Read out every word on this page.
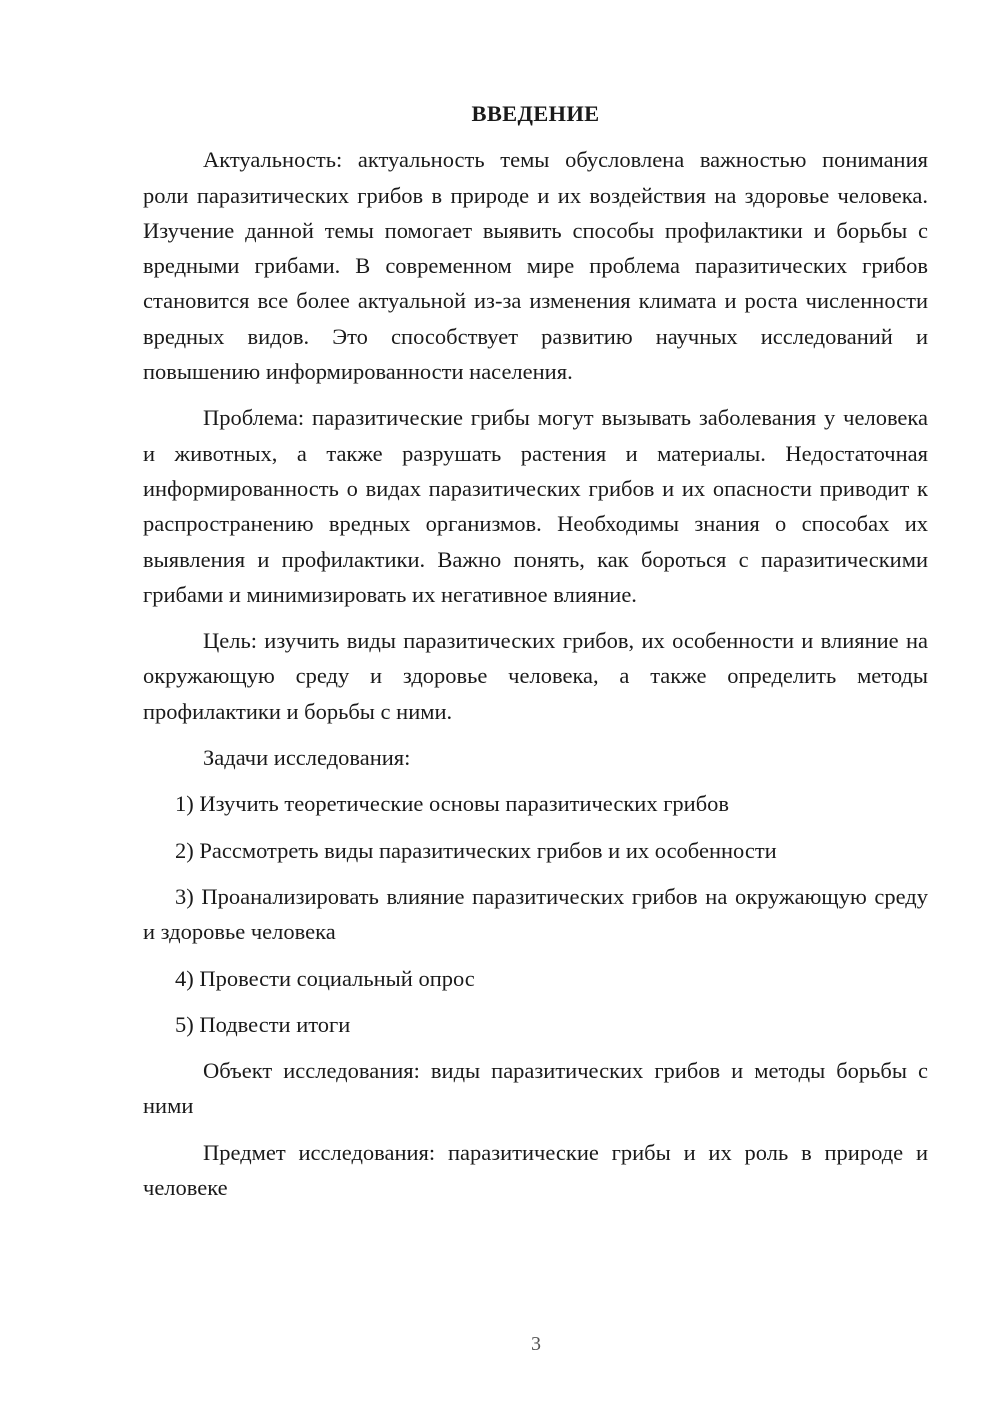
ВВЕДЕНИЕ

Актуальность: актуальность темы обусловлена важностью понимания роли паразитических грибов в природе и их воздействия на здоровье человека. Изучение данной темы помогает выявить способы профилактики и борьбы с вредными грибами. В современном мире проблема паразитических грибов становится все более актуальной из-за изменения климата и роста численности вредных видов. Это способствует развитию научных исследований и повышению информированности населения.

Проблема: паразитические грибы могут вызывать заболевания у человека и животных, а также разрушать растения и материалы. Недостаточная информированность о видах паразитических грибов и их опасности приводит к распространению вредных организмов. Необходимы знания о способах их выявления и профилактики. Важно понять, как бороться с паразитическими грибами и минимизировать их негативное влияние.

Цель: изучить виды паразитических грибов, их особенности и влияние на окружающую среду и здоровье человека, а также определить методы профилактики и борьбы с ними.

Задачи исследования:

1) Изучить теоретические основы паразитических грибов

2) Рассмотреть виды паразитических грибов и их особенности

3) Проанализировать влияние паразитических грибов на окружающую среду и здоровье человека

4) Провести социальный опрос

5) Подвести итоги

Объект исследования: виды паразитических грибов и методы борьбы с ними

Предмет исследования: паразитические грибы и их роль в природе и человеке

3
